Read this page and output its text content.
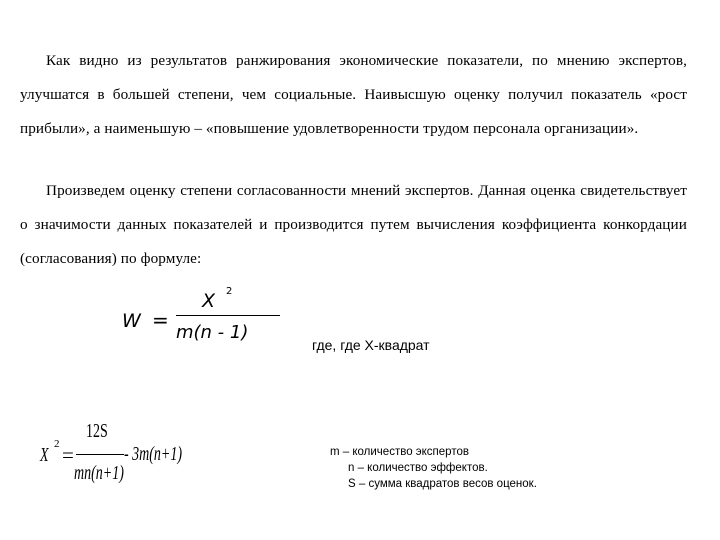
Как видно из результатов ранжирования экономические показатели, по мнению экспертов, улучшатся в большей степени, чем социальные. Наивысшую оценку получил показатель «рост прибыли», а наименьшую – «повышение удовлетворенности трудом персонала организации».

Произведем оценку степени согласованности мнений экспертов. Данная оценка свидетельствует о значимости данных показателей и производится путем вычисления коэффициента конкордации (согласования) по формуле:

W =
X 2
m(n - 1)
где, где Х-квадрат
X 2 =
12S
mn(n+1)
- 3m(n+1)	m – количество экспертов
n – количество эффектов.
S – сумма квадратов весов оценок.
